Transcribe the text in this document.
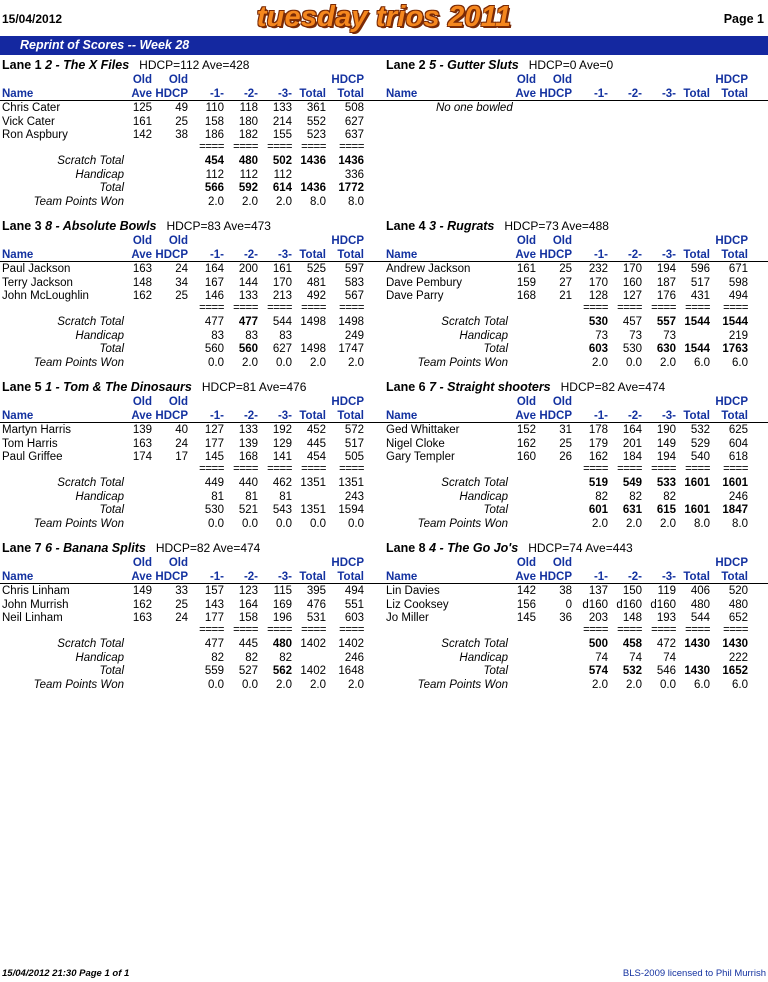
15/04/2012	tuesday trios 2011	Page 1
Reprint of Scores -- Week 28
Lane 1 2 - The X Files HDCP=112 Ave=428
Old Old	HDCP
Name	Ave HDCP -1- -2- -3- Total Total
Chris Cater	125 49 110 118 133 361 508
Vick Cater	161 25 158 180 214 552 627
Ron Aspbury	142 38 186 182 155 523 637
==== ==== ==== ==== ====
Scratch Total	454 480 502 1436 1436
Handicap	112 112 112	336
Total	566 592 614 1436 1772
Team Points Won	2.0 2.0 2.0 8.0 8.0
Lane 2 5 - Gutter Sluts HDCP=0 Ave=0
Old Old	HDCP
Name	Ave HDCP -1- -2- -3- Total Total
No one bowled
Lane 3 8 - Absolute Bowls HDCP=83 Ave=473
Old Old	HDCP
Name	Ave HDCP -1- -2- -3- Total Total
Paul Jackson	163 24 164 200 161 525 597
Terry Jackson	148 34 167 144 170 481 583
John McLoughlin	162 25 146 133 213 492 567
==== ==== ==== ==== ====
Scratch Total	477 477 544 1498 1498
Handicap	83 83 83	249
Total	560 560 627 1498 1747
Team Points Won	0.0 2.0 0.0 2.0 2.0
Lane 4 3 - Rugrats HDCP=73 Ave=488
Old Old	HDCP
Name	Ave HDCP -1- -2- -3- Total Total
Andrew Jackson	161 25 232 170 194 596 671
Dave Pembury	159 27 170 160 187 517 598
Dave Parry	168 21 128 127 176 431 494
==== ==== ==== ==== ====
Scratch Total	530 457 557 1544 1544
Handicap	73 73 73	219
Total	603 530 630 1544 1763
Team Points Won	2.0 0.0 2.0 6.0 6.0
Lane 5 1 - Tom & The Dinosaurs HDCP=81 Ave=476
Old Old	HDCP
Name	Ave HDCP -1- -2- -3- Total Total
Martyn Harris	139 40 127 133 192 452 572
Tom Harris	163 24 177 139 129 445 517
Paul Griffee	174 17 145 168 141 454 505
==== ==== ==== ==== ====
Scratch Total	449 440 462 1351 1351
Handicap	81 81 81	243
Total	530 521 543 1351 1594
Team Points Won	0.0 0.0 0.0 0.0 0.0
Lane 6 7 - Straight shooters HDCP=82 Ave=474
Old Old	HDCP
Name	Ave HDCP -1- -2- -3- Total Total
Ged Whittaker	152 31 178 164 190 532 625
Nigel Cloke	162 25 179 201 149 529 604
Gary Templer	160 26 162 184 194 540 618
==== ==== ==== ==== ====
Scratch Total	519 549 533 1601 1601
Handicap	82 82 82	246
Total	601 631 615 1601 1847
Team Points Won	2.0 2.0 2.0 8.0 8.0
Lane 7 6 - Banana Splits HDCP=82 Ave=474
Old Old	HDCP
Name	Ave HDCP -1- -2- -3- Total Total
Chris Linham	149 33 157 123 115 395 494
John Murrish	162 25 143 164 169 476 551
Neil Linham	163 24 177 158 196 531 603
==== ==== ==== ==== ====
Scratch Total	477 445 480 1402 1402
Handicap	82 82 82	246
Total	559 527 562 1402 1648
Team Points Won	0.0 0.0 2.0 2.0 2.0
Lane 8 4 - The Go Jo's HDCP=74 Ave=443
Old Old	HDCP
Name	Ave HDCP -1- -2- -3- Total Total
Lin Davies	142 38 137 150 119 406 520
Liz Cooksey	156	0 d160 d160 d160 480 480
Jo Miller	145 36 203 148 193 544 652
==== ==== ==== ==== ====
Scratch Total	500 458 472 1430 1430
Handicap	74 74 74	222
Total	574 532 546 1430 1652
Team Points Won	2.0 2.0 0.0 6.0 6.0
15/04/2012 21:30 Page 1 of 1	BLS-2009 licensed to Phil Murrish
